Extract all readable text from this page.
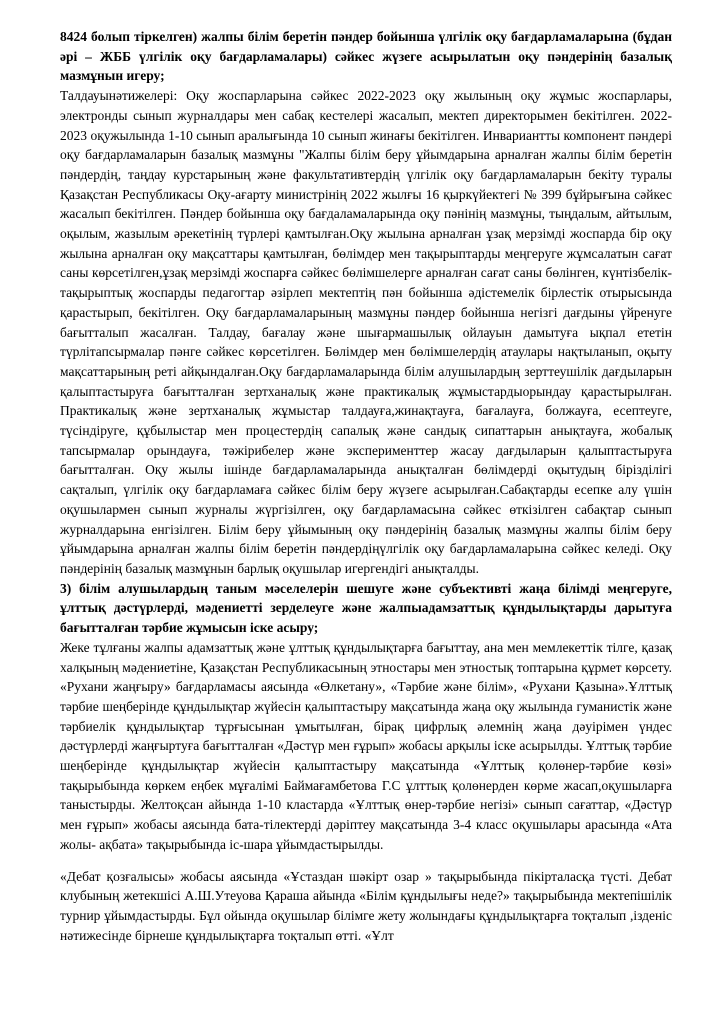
8424 болып тіркелген) жалпы білім беретін пәндер бойынша үлгілік оқу бағдарламаларына (бұдан әрі – ЖББ үлгілік оқу бағдарламалары) сәйкес жүзеге асырылатын оқу пәндерінің базалық мазмұнын игеру;

Талдауынәтижелері: Оқу жоспарларына сәйкес 2022-2023 оқу жылының оқу жұмыс жоспарлары, электронды сынып журналдары мен сабақ кестелері жасалып, мектеп директорымен бекітілген. 2022-2023 оқужылында 1-10 сынып аралығында 10 сынып жинағы бекітілген. Инвариантты компонент пәндері оқу бағдарламаларын базалық мазмұны "Жалпы білім беру ұйымдарына арналған жалпы білім беретін пәндердің, таңдау курстарының және факультативтердің үлгілік оқу бағдарламаларын бекіту туралы Қазақстан Республикасы Оқу-ағарту министрінің 2022 жылғы 16 қыркүйектегі № 399 бұйрығына сәйкес жасалып бекітілген. Пәндер бойынша оқу бағдаламаларында оқу пәнінің мазмұны, тыңдалым, айтылым, оқылым, жазылым әрекетінің түрлері қамтылған.Оқу жылына арналған ұзақ мерзімді жоспарда бір оқу жылына арналған оқу мақсаттары қамтылған, бөлімдер мен тақырыптарды меңгеруге жұмсалатын сағат саны көрсетілген,ұзақ мерзімді жоспарға сәйкес бөлімшелерге арналған сағат саны бөлінген, күнтізбелік-тақырыптық жоспарды педагогтар әзірлеп мектептің пән бойынша әдістемелік бірлестік отырысында қарастырып, бекітілген. Оқу бағдарламаларының мазмұны пәндер бойынша негізгі дағдыны үйренуге бағытталып жасалған. Талдау, бағалау және шығармашылық ойлауын дамытуға ықпал ететін түрлітапсырмалар пәнге сәйкес көрсетілген. Бөлімдер мен бөлімшелердің атаулары нақтыланып, оқыту мақсаттарының реті айқындалған.Оқу бағдарламаларында білім алушылардың зерттеушілік дағдыларын қалыптастыруға бағытталған зертханалық және практикалық жұмыстардыорындау қарастырылған. Практикалық және зертханалық жұмыстар талдауға,жинақтауға, бағалауға, болжауға, есептеуге, түсіндіруге, құбылыстар мен процестердің сапалық және сандық сипаттарын анықтауға, жобалық тапсырмалар орындауға, тәжірибелер және эксперименттер жасау дағдыларын қалыптастыруға бағытталған. Оқу жылы ішінде бағдарламаларында анықталған бөлімдерді оқытудың бірізділігі сақталып, үлгілік оқу бағдарламаға сәйкес білім беру жүзеге асырылған.Сабақтарды есепке алу үшін оқушылармен сынып журналы жүргізілген, оқу бағдарламасына сәйкес өткізілген сабақтар сынып журналдарына енгізілген. Білім беру ұйымының оқу пәндерінің базалық мазмұны жалпы білім беру ұйымдарына арналған жалпы білім беретін пәндердіңүлгілік оқу бағдарламаларына сәйкес келеді. Оқу пәндерінің базалық мазмұнын барлық оқушылар игергендігі анықталды.

3) білім алушылардың таным мәселелерін шешуге және субъективті жаңа білімді меңгеруге, ұлттық дәстүрлерді, мәдениетті зерделеуге және жалпыадамзаттық құндылықтарды дарытуға бағытталған тәрбие жұмысын іске асыру;

Жеке тұлғаны жалпы адамзаттық және ұлттық құндылықтарға бағыттау, ана мен мемлекеттік тілге, қазақ халқының мәдениетіне, Қазақстан Республикасының этностары мен этностық топтарына құрмет көрсету. «Рухани жаңғыру» бағдарламасы аясында «Өлкетану», «Тәрбие және білім», «Рухани Қазына».Ұлттық тәрбие шеңберінде құндылықтар жүйесін қалыптастыру мақсатында жаңа оқу жылында гуманистік және тәрбиелік құндылықтар тұрғысынан ұмытылған, бірақ цифрлық әлемнің жаңа дәуірімен үндес дәстүрлерді жаңғыртуға бағытталған «Дәстүр мен ғұрып» жобасы арқылы іске асырылды. Ұлттық тәрбие шеңберінде құндылықтар жүйесін қалыптастыру мақсатында «Ұлттық қолөнер-тәрбие көзі» тақырыбында көркем еңбек мұғалімі Баймағамбетова Г.С ұлттық қолөнерден көрме жасап,оқушыларға таныстырды. Желтоқсан айында 1-10 кластарда «Ұлттық өнер-тәрбие негізі» сынып сағаттар, «Дәстүр мен ғұрып» жобасы аясында бата-тілектерді дәріптеу мақсатында 3-4 класс оқушылары арасында «Ата жолы- ақбата» тақырыбында іс-шара ұйымдастырылды.

«Дебат қозғалысы» жобасы аясында «Ұстаздан шәкірт озар » тақырыбында пікірталасқа түсті. Дебат клубының жетекшісі А.Ш.Утеуова Қараша айында «Білім құндылығы неде?» тақырыбында мектепішілік турнир ұйымдастырды. Бұл ойында оқушылар білімге жету жолындағы құндылықтарға тоқталып ,ізденіс нәтижесінде бірнеше құндылықтарға тоқталып өтті. «Ұлт
